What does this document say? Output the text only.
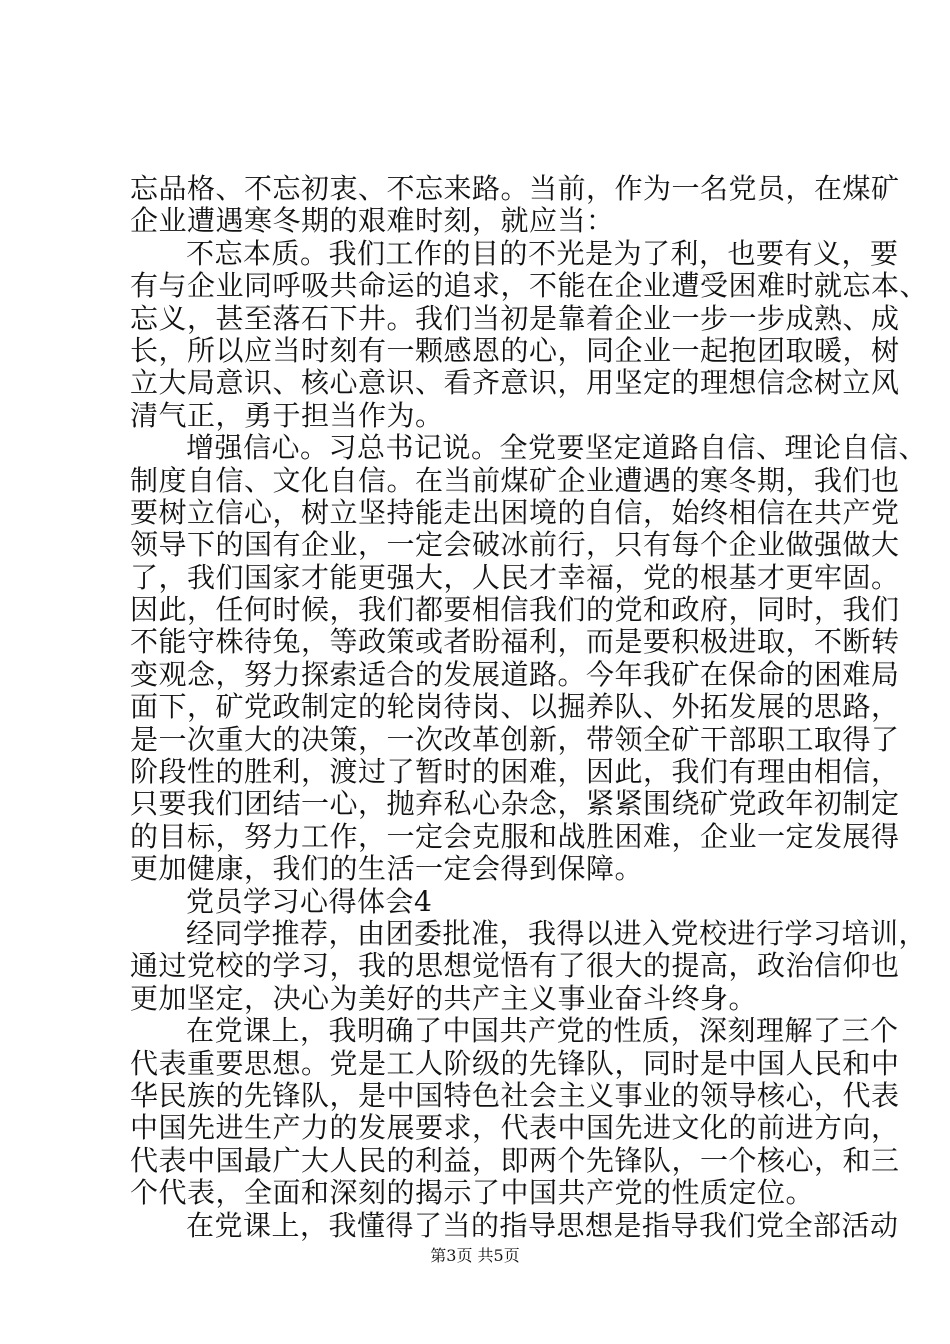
忘品格、不忘初衷、不忘来路。当前，作为一名党员，在煤矿
企业遭遇寒冬期的艰难时刻，就应当：
不忘本质。我们工作的目的不光是为了利，也要有义，要
有与企业同呼吸共命运的追求，不能在企业遭受困难时就忘本、
忘义，甚至落石下井。我们当初是靠着企业一步一步成熟、成
长，所以应当时刻有一颗感恩的心，同企业一起抱团取暖，树
立大局意识、核心意识、看齐意识，用坚定的理想信念树立风
清气正，勇于担当作为。
增强信心。习总书记说。全党要坚定道路自信、理论自信、
制度自信、文化自信。在当前煤矿企业遭遇的寒冬期，我们也
要树立信心，树立坚持能走出困境的自信，始终相信在共产党
领导下的国有企业，一定会破冰前行，只有每个企业做强做大
了，我们国家才能更强大，人民才幸福，党的根基才更牢固。
因此，任何时候，我们都要相信我们的党和政府，同时，我们
不能守株待兔，等政策或者盼福利，而是要积极进取，不断转
变观念，努力探索适合的发展道路。今年我矿在保命的困难局
面下，矿党政制定的轮岗待岗、以掘养队、外拓发展的思路，
是一次重大的决策，一次改革创新，带领全矿干部职工取得了
阶段性的胜利，渡过了暂时的困难，因此，我们有理由相信，
只要我们团结一心，抛弃私心杂念，紧紧围绕矿党政年初制定
的目标，努力工作，一定会克服和战胜困难，企业一定发展得
更加健康，我们的生活一定会得到保障。
党员学习心得体会4
经同学推荐，由团委批准，我得以进入党校进行学习培训，
通过党校的学习，我的思想觉悟有了很大的提高，政治信仰也
更加坚定，决心为美好的共产主义事业奋斗终身。
在党课上，我明确了中国共产党的性质，深刻理解了三个
代表重要思想。党是工人阶级的先锋队，同时是中国人民和中
华民族的先锋队，是中国特色社会主义事业的领导核心，代表
中国先进生产力的发展要求，代表中国先进文化的前进方向，
代表中国最广大人民的利益，即两个先锋队，一个核心，和三
个代表，全面和深刻的揭示了中国共产党的性质定位。
在党课上，我懂得了当的指导思想是指导我们党全部活动
第3页 共5页
